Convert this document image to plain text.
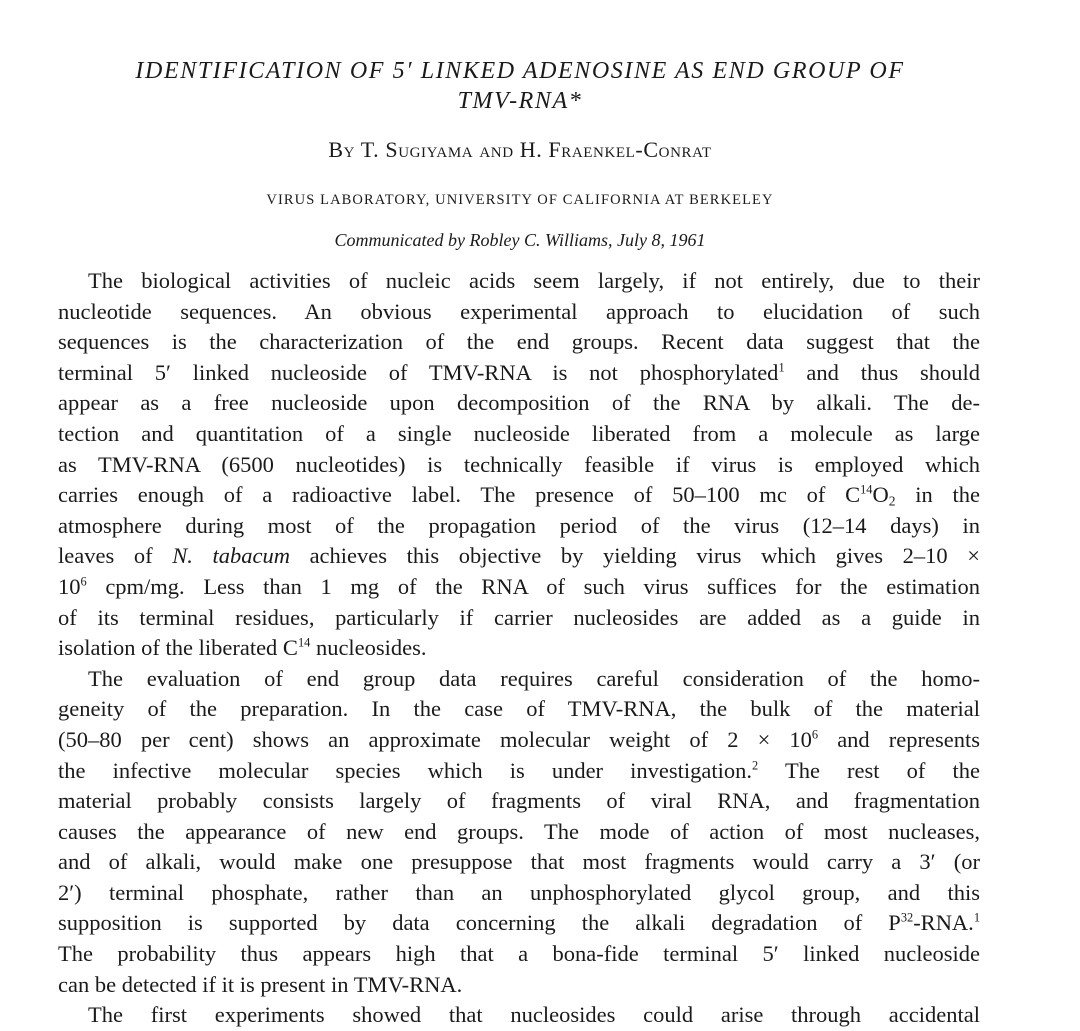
IDENTIFICATION OF 5′ LINKED ADENOSINE AS END GROUP OF
TMV-RNA*
By T. Sugiyama and H. Fraenkel-Conrat
VIRUS LABORATORY, UNIVERSITY OF CALIFORNIA AT BERKELEY
Communicated by Robley C. Williams, July 8, 1961
The biological activities of nucleic acids seem largely, if not entirely, due to their
nucleotide sequences. An obvious experimental approach to elucidation of such
sequences is the characterization of the end groups. Recent data suggest that the
terminal 5′ linked nucleoside of TMV-RNA is not phosphorylated$^1$ and thus should
appear as a free nucleoside upon decomposition of the RNA by alkali. The de-
tection and quantitation of a single nucleoside liberated from a molecule as large
as TMV-RNA (6500 nucleotides) is technically feasible if virus is employed which
carries enough of a radioactive label. The presence of 50–100 mc of $C^{14}O_2$ in the
atmosphere during most of the propagation period of the virus (12–14 days) in
leaves of N. tabacum achieves this objective by yielding virus which gives 2–10 ×
$10^6$ cpm/mg. Less than 1 mg of the RNA of such virus suffices for the estimation
of its terminal residues, particularly if carrier nucleosides are added as a guide in
isolation of the liberated $C^{14}$ nucleosides.
The evaluation of end group data requires careful consideration of the homo-
geneity of the preparation. In the case of TMV-RNA, the bulk of the material
(50–80 per cent) shows an approximate molecular weight of $2 \times 10^6$ and represents
the infective molecular species which is under investigation.$^2$ The rest of the
material probably consists largely of fragments of viral RNA, and fragmentation
causes the appearance of new end groups. The mode of action of most nucleases,
and of alkali, would make one presuppose that most fragments would carry a 3′ (or
2′) terminal phosphate, rather than an unphosphorylated glycol group, and this
supposition is supported by data concerning the alkali degradation of $P^{32}-RNA.^1$
The probability thus appears high that a bona-fide terminal 5′ linked nucleoside
can be detected if it is present in TMV-RNA.
The first experiments showed that nucleosides could arise through accidental
